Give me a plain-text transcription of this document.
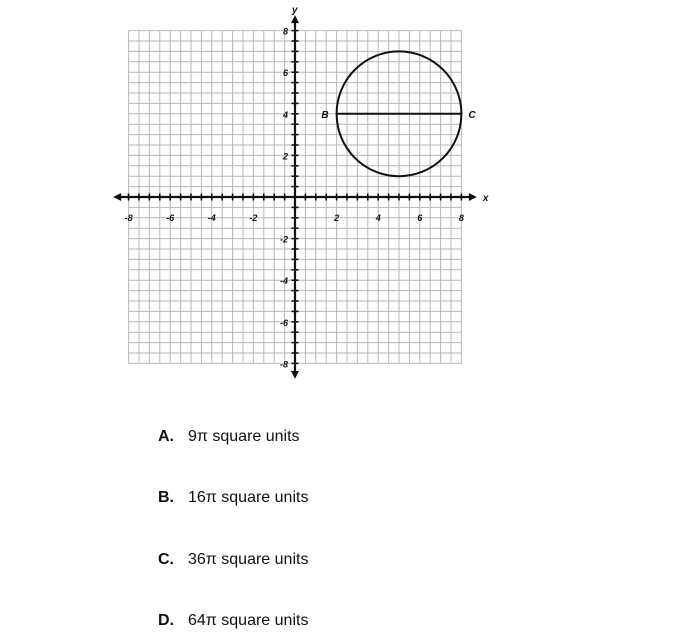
-8	-6	-4	-2	2	4	6	8
8
6
4
2
-2
-4
-6
-8
B	C
x
y
A. 9π square units
B. 16π square units
C. 36π square units
D. 64π square units
